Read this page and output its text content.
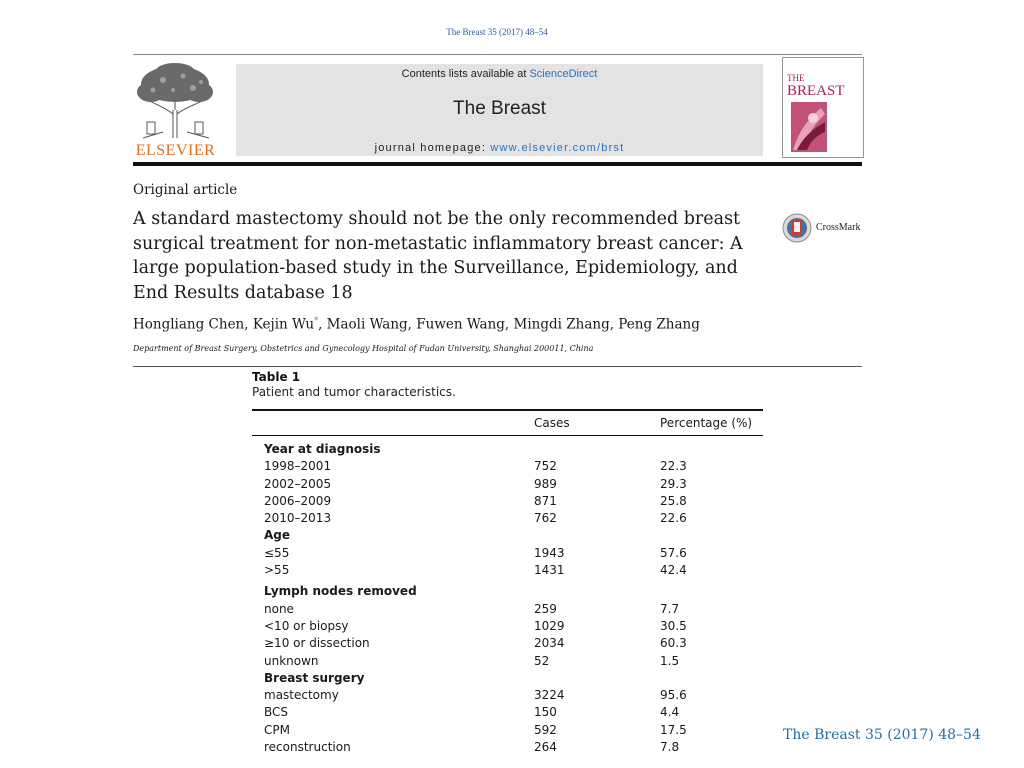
The Breast 35 (2017) 48–54
ELSEVIER
Contents lists available at ScienceDirect
The Breast
journal homepage: www.elsevier.com/brst
THE
BREAST
Original article
A standard mastectomy should not be the only recommended breast surgical treatment for non-metastatic inflammatory breast cancer: A large population-based study in the Surveillance, Epidemiology, and End Results database 18
CrossMark
Hongliang Chen, Kejin Wu*, Maoli Wang, Fuwen Wang, Mingdi Zhang, Peng Zhang
Department of Breast Surgery, Obstetrics and Gynecology Hospital of Fudan University, Shanghai 200011, China
Table 1
Patient and tumor characteristics.
Cases	Percentage (%)
Year at diagnosis
1998–2001	752	22.3
2002–2005	989	29.3
2006–2009	871	25.8
2010–2013	762	22.6
Age
≤55	1943	57.6
>55	1431	42.4
Lymph nodes removed
none	259	7.7
<10 or biopsy	1029	30.5
≥10 or dissection	2034	60.3
unknown	52	1.5
Breast surgery
mastectomy	3224	95.6
BCS	150	4.4
CPM	592	17.5
reconstruction	264	7.8
The Breast 35 (2017) 48–54
